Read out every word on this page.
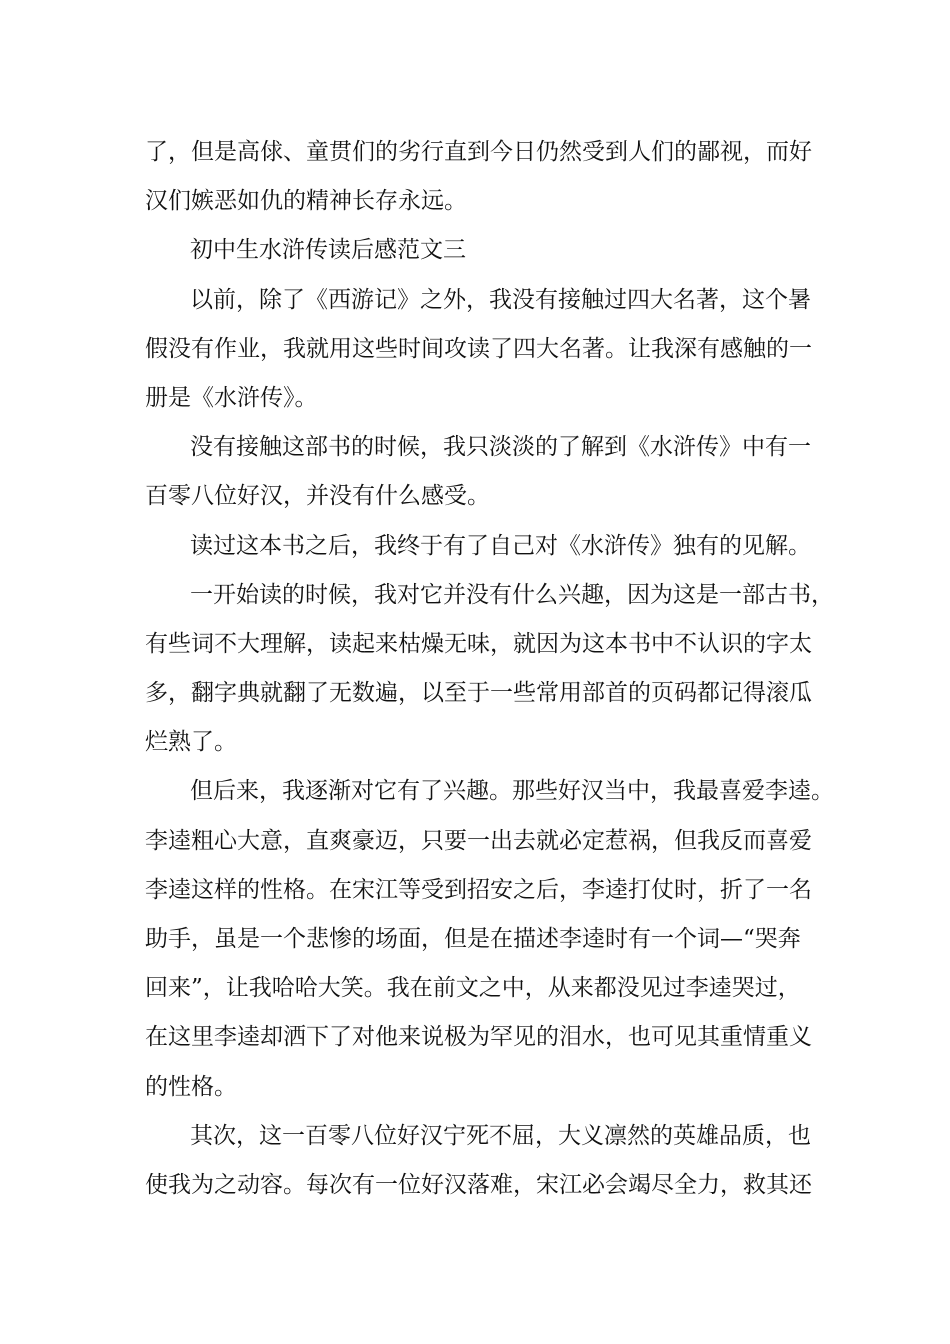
了，但是高俅、童贯们的劣行直到今日仍然受到人们的鄙视，而好
汉们嫉恶如仇的精神长存永远。
初中生水浒传读后感范文三
以前，除了《西游记》之外，我没有接触过四大名著，这个暑
假没有作业，我就用这些时间攻读了四大名著。让我深有感触的一
册是《水浒传》。
没有接触这部书的时候，我只淡淡的了解到《水浒传》中有一
百零八位好汉，并没有什么感受。
读过这本书之后，我终于有了自己对《水浒传》独有的见解。
一开始读的时候，我对它并没有什么兴趣，因为这是一部古书，
有些词不大理解，读起来枯燥无味，就因为这本书中不认识的字太
多，翻字典就翻了无数遍，以至于一些常用部首的页码都记得滚瓜
烂熟了。
但后来，我逐渐对它有了兴趣。那些好汉当中，我最喜爱李逵。
李逵粗心大意，直爽豪迈，只要一出去就必定惹祸，但我反而喜爱
李逵这样的性格。在宋江等受到招安之后，李逵打仗时，折了一名
助手，虽是一个悲惨的场面，但是在描述李逵时有一个词—“哭奔
回来”，让我哈哈大笑。我在前文之中，从来都没见过李逵哭过，
在这里李逵却洒下了对他来说极为罕见的泪水，也可见其重情重义
的性格。
其次，这一百零八位好汉宁死不屈，大义凛然的英雄品质，也
使我为之动容。每次有一位好汉落难，宋江必会竭尽全力，救其还
